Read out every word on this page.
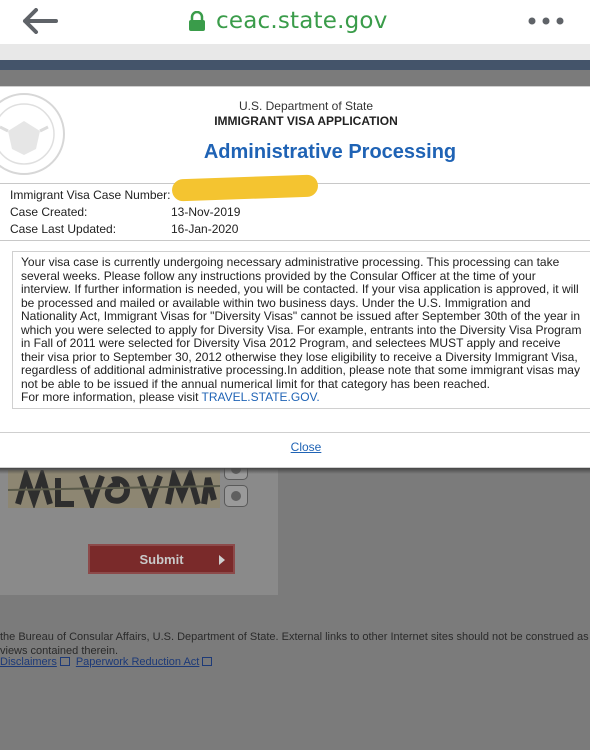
ceac.state.gov
Submit
the Bureau of Consular Affairs, U.S. Department of State. External links to other Internet sites should not be construed as views contained therein.
Disclaimers	Paperwork Reduction Act
U.S. Department of State
IMMIGRANT VISA APPLICATION
Administrative Processing
Immigrant Visa Case Number:
Case Created:	13-Nov-2019
Case Last Updated:	16-Jan-2020
Your visa case is currently undergoing necessary administrative processing. This processing can take several weeks. Please follow any instructions provided by the Consular Officer at the time of your interview. If further information is needed, you will be contacted. If your visa application is approved, it will be processed and mailed or available within two business days. Under the U.S. Immigration and Nationality Act, Immigrant Visas for "Diversity Visas" cannot be issued after September 30th of the year in which you were selected to apply for Diversity Visa. For example, entrants into the Diversity Visa Program in Fall of 2011 were selected for Diversity Visa 2012 Program, and selectees MUST apply and receive their visa prior to September 30, 2012 otherwise they lose eligibility to receive a Diversity Immigrant Visa, regardless of additional administrative processing.In addition, please note that some immigrant visas may not be able to be issued if the annual numerical limit for that category has been reached.
For more information, please visit TRAVEL.STATE.GOV.
Close
